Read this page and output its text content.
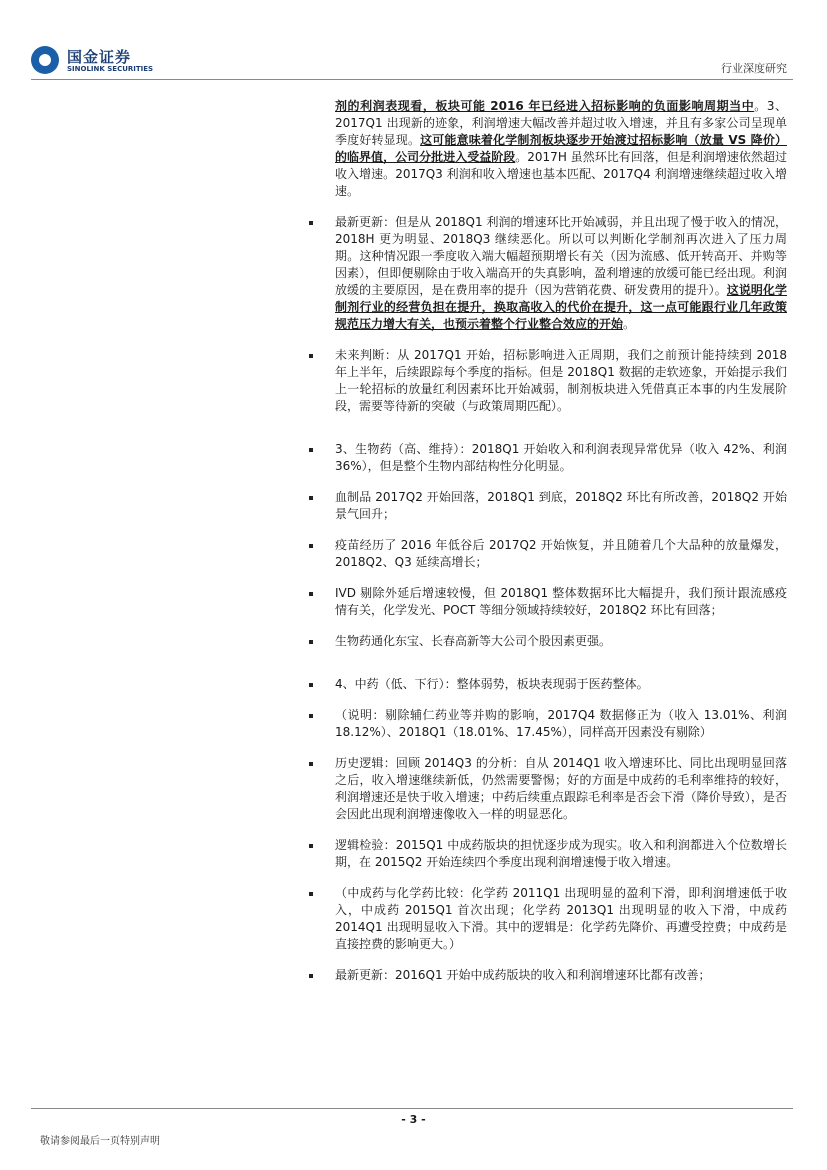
国金证券
SINOLINK SECURITIES	行业深度研究
剂的利润表现看，板块可能 2016 年已经进入招标影响的负面影响周期当中。3、2017Q1 出现新的迹象，利润增速大幅改善并超过收入增速，并且有多家公司呈现单季度好转显现。这可能意味着化学制剂板块逐步开始渡过招标影响（放量 VS 降价）的临界值，公司分批进入受益阶段。2017H 虽然环比有回落，但是利润增速依然超过收入增速。2017Q3 利润和收入增速也基本匹配、2017Q4 利润增速继续超过收入增速。
最新更新：但是从 2018Q1 利润的增速环比开始减弱，并且出现了慢于收入的情况，2018H 更为明显、2018Q3 继续恶化。所以可以判断化学制剂再次进入了压力周期。这种情况跟一季度收入端大幅超预期增长有关（因为流感、低开转高开、并购等因素），但即便剔除由于收入端高开的失真影响，盈利增速的放缓可能已经出现。利润放缓的主要原因，是在费用率的提升（因为营销花费、研发费用的提升）。这说明化学制剂行业的经营负担在提升，换取高收入的代价在提升，这一点可能跟行业几年政策规范压力增大有关，也预示着整个行业整合效应的开始。
未来判断：从 2017Q1 开始，招标影响进入正周期，我们之前预计能持续到 2018 年上半年，后续跟踪每个季度的指标。但是 2018Q1 数据的走软迹象，开始提示我们上一轮招标的放量红利因素环比开始减弱，制剂板块进入凭借真正本事的内生发展阶段，需要等待新的突破（与政策周期匹配）。
3、生物药（高、维持）：2018Q1 开始收入和利润表现异常优异（收入 42%、利润 36%），但是整个生物内部结构性分化明显。
血制品 2017Q2 开始回落，2018Q1 到底，2018Q2 环比有所改善，2018Q2 开始景气回升；
疫苗经历了 2016 年低谷后 2017Q2 开始恢复，并且随着几个大品种的放量爆发，2018Q2、Q3 延续高增长；
IVD 剔除外延后增速较慢，但 2018Q1 整体数据环比大幅提升，我们预计跟流感疫情有关，化学发光、POCT 等细分领域持续较好，2018Q2 环比有回落；
生物药通化东宝、长春高新等大公司个股因素更强。
4、中药（低、下行）：整体弱势，板块表现弱于医药整体。
（说明：剔除辅仁药业等并购的影响，2017Q4 数据修正为（收入 13.01%、利润 18.12%）、2018Q1（18.01%、17.45%），同样高开因素没有剔除）
历史逻辑：回顾 2014Q3 的分析：自从 2014Q1 收入增速环比、同比出现明显回落之后，收入增速继续新低，仍然需要警惕；好的方面是中成药的毛利率维持的较好，利润增速还是快于收入增速；中药后续重点跟踪毛利率是否会下滑（降价导致），是否会因此出现利润增速像收入一样的明显恶化。
逻辑检验：2015Q1 中成药版块的担忧逐步成为现实。收入和利润都进入个位数增长期，在 2015Q2 开始连续四个季度出现利润增速慢于收入增速。
（中成药与化学药比较：化学药 2011Q1 出现明显的盈利下滑，即利润增速低于收入，中成药 2015Q1 首次出现；化学药 2013Q1 出现明显的收入下滑，中成药 2014Q1 出现明显收入下滑。其中的逻辑是：化学药先降价、再遭受控费；中成药是直接控费的影响更大。）
最新更新：2016Q1 开始中成药版块的收入和利润增速环比都有改善；
- 3 -
敬请参阅最后一页特别声明
